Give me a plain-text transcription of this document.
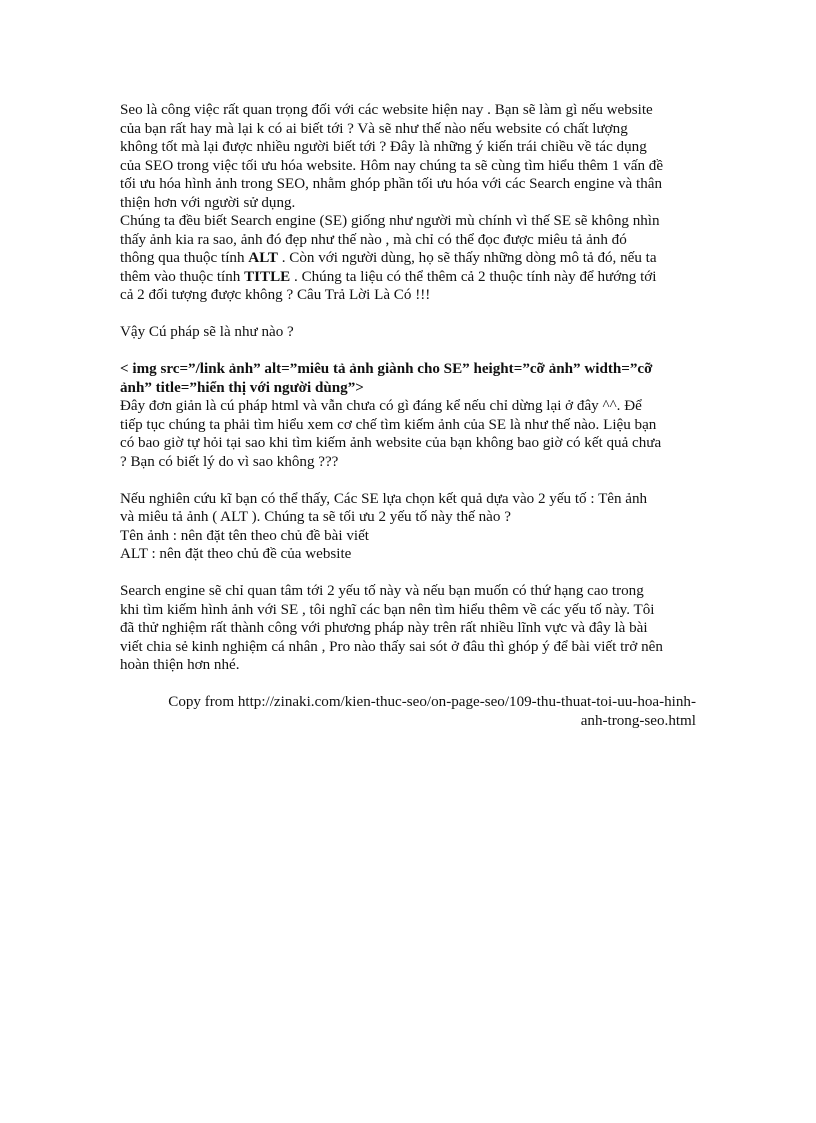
Seo là công việc rất quan trọng đối với các website hiện nay . Bạn sẽ làm gì nếu website
của bạn rất hay mà lại k có ai biết tới ? Và sẽ như thế nào nếu website có chất lượng
không tốt mà lại được nhiều người biết tới ? Đây là những ý kiến trái chiều về tác dụng
của SEO trong việc tối ưu hóa website. Hôm nay chúng ta sẽ cùng tìm hiểu thêm 1 vấn đề
tối ưu hóa hình ảnh trong SEO, nhằm ghóp phần tối ưu hóa với các Search engine và thân
thiện hơn với người sử dụng.
Chúng ta đều biết Search engine (SE) giống như người mù chính vì thế SE sẽ không nhìn
thấy ảnh kia ra sao, ảnh đó đẹp như thế nào , mà chỉ có thể đọc được miêu tả ảnh đó
thông qua thuộc tính ALT . Còn với người dùng, họ sẽ thấy những dòng mô tả đó, nếu ta
thêm vào thuộc tính TITLE . Chúng ta liệu có thể thêm cả 2 thuộc tính này để hướng tới
cả 2 đối tượng được không ? Câu Trả Lời Là Có !!!
Vậy Cú pháp sẽ là như nào ?
< img src=”/link ảnh” alt=”miêu tả ảnh giành cho SE” height=”cỡ ảnh” width=”cỡ
ảnh” title=”hiển thị với người dùng”>
Đây đơn giản là cú pháp html và vẫn chưa có gì đáng kể nếu chỉ dừng lại ở đây ^^. Để
tiếp tục chúng ta phải tìm hiểu xem cơ chế tìm kiếm ảnh của SE là như thế nào. Liệu bạn
có bao giờ tự hỏi tại sao khi tìm kiếm ảnh website của bạn không bao giờ có kết quả chưa
? Bạn có biết lý do vì sao không ???
Nếu nghiên cứu kĩ bạn có thể thấy, Các SE lựa chọn kết quả dựa vào 2 yếu tố : Tên ảnh
và miêu tả ảnh ( ALT ). Chúng ta sẽ tối ưu 2 yếu tố này thế nào ?
Tên ảnh : nên đặt tên theo chủ đề bài viết
ALT : nên đặt theo chủ đề của website
Search engine sẽ chỉ quan tâm tới 2 yếu tố này và nếu bạn muốn có thứ hạng cao trong
khi tìm kiếm hình ảnh với SE , tôi nghĩ các bạn nên tìm hiểu thêm về các yếu tố này. Tôi
đã thử nghiệm rất thành công với phương pháp này trên rất nhiều lĩnh vực và đây là bài
viết chia sẻ kinh nghiệm cá nhân , Pro nào thấy sai sót ở đâu thì ghóp ý để bài viết trở nên
hoàn thiện hơn nhé.
Copy from http://zinaki.com/kien-thuc-seo/on-page-seo/109-thu-thuat-toi-uu-hoa-hinh-
anh-trong-seo.html
